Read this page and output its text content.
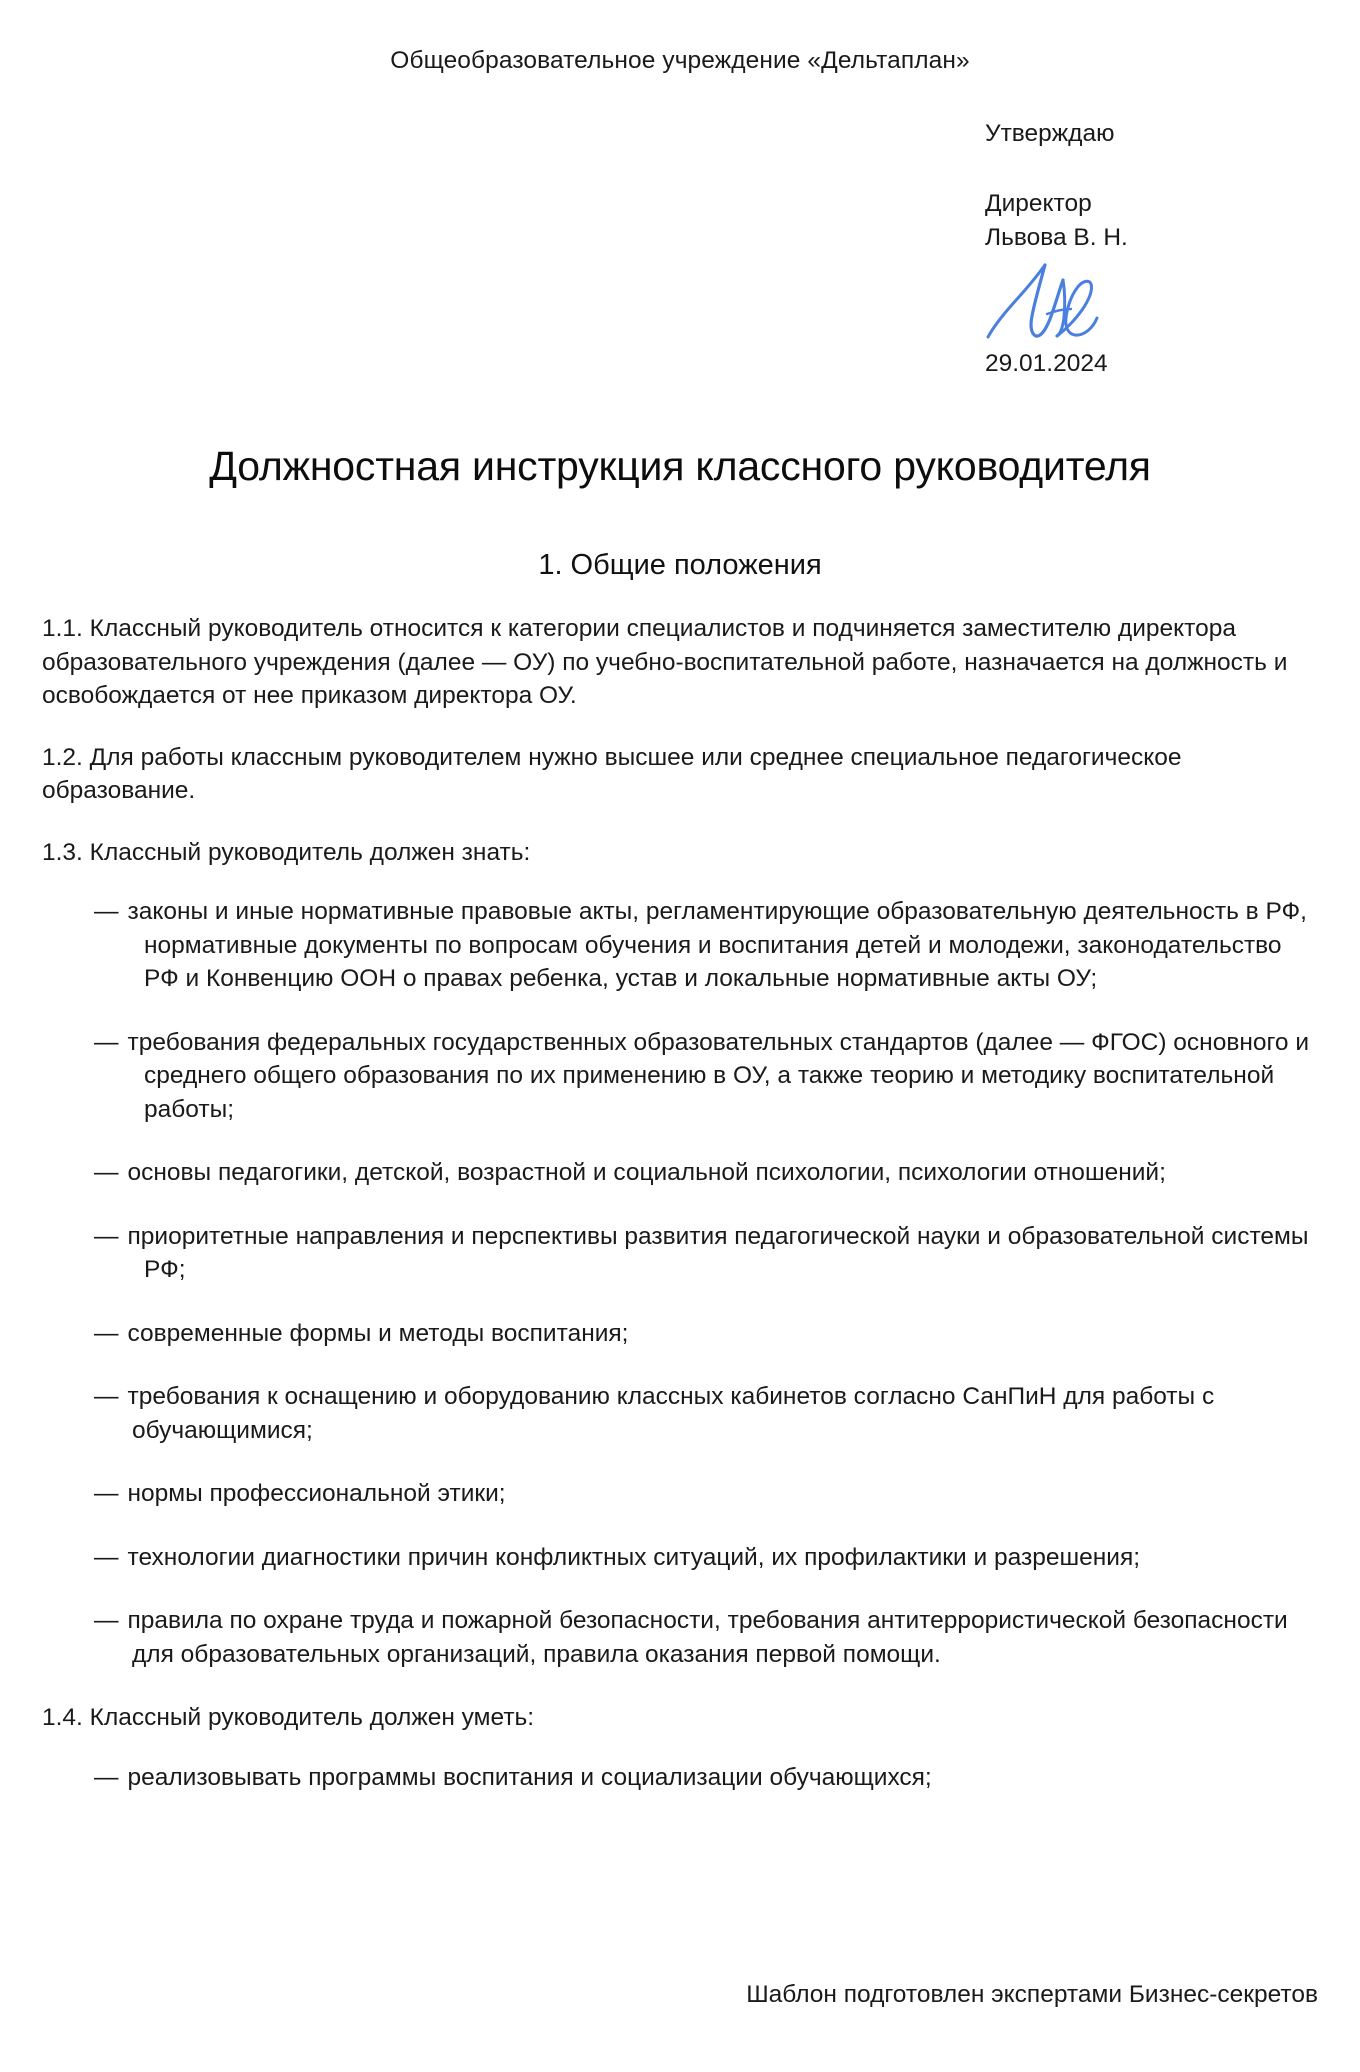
Общеобразовательное учреждение «Дельтаплан»
Утверждаю
Директор
Львова В. Н.
29.01.2024
Должностная инструкция классного руководителя
1. Общие положения

1.1. Классный руководитель относится к категории специалистов и подчиняется заместителю директора образовательного учреждения (далее — ОУ) по учебно-воспитательной работе, назначается на должность и освобождается от нее приказом директора ОУ.

1.2. Для работы классным руководителем нужно высшее или среднее специальное педагогическое образование.

1.3. Классный руководитель должен знать:

— законы и иные нормативные правовые акты, регламентирующие образовательную деятельность в РФ, нормативные документы по вопросам обучения и воспитания детей и молодежи, законодательство РФ и Конвенцию ООН о правах ребенка, устав и локальные нормативные акты ОУ;
— требования федеральных государственных образовательных стандартов (далее — ФГОС) основного и среднего общего образования по их применению в ОУ, а также теорию и методику воспитательной работы;
— основы педагогики, детской, возрастной и социальной психологии, психологии отношений;
— приоритетные направления и перспективы развития педагогической науки и образовательной системы РФ;
— современные формы и методы воспитания;
— требования к оснащению и оборудованию классных кабинетов согласно СанПиН для работы с обучающимися;
— нормы профессиональной этики;
— технологии диагностики причин конфликтных ситуаций, их профилактики и разрешения;
— правила по охране труда и пожарной безопасности, требования антитеррористической безопасности для образовательных организаций, правила оказания первой помощи.

1.4. Классный руководитель должен уметь:

— реализовывать программы воспитания и социализации обучающихся;
Шаблон подготовлен экспертами Бизнес-секретов
